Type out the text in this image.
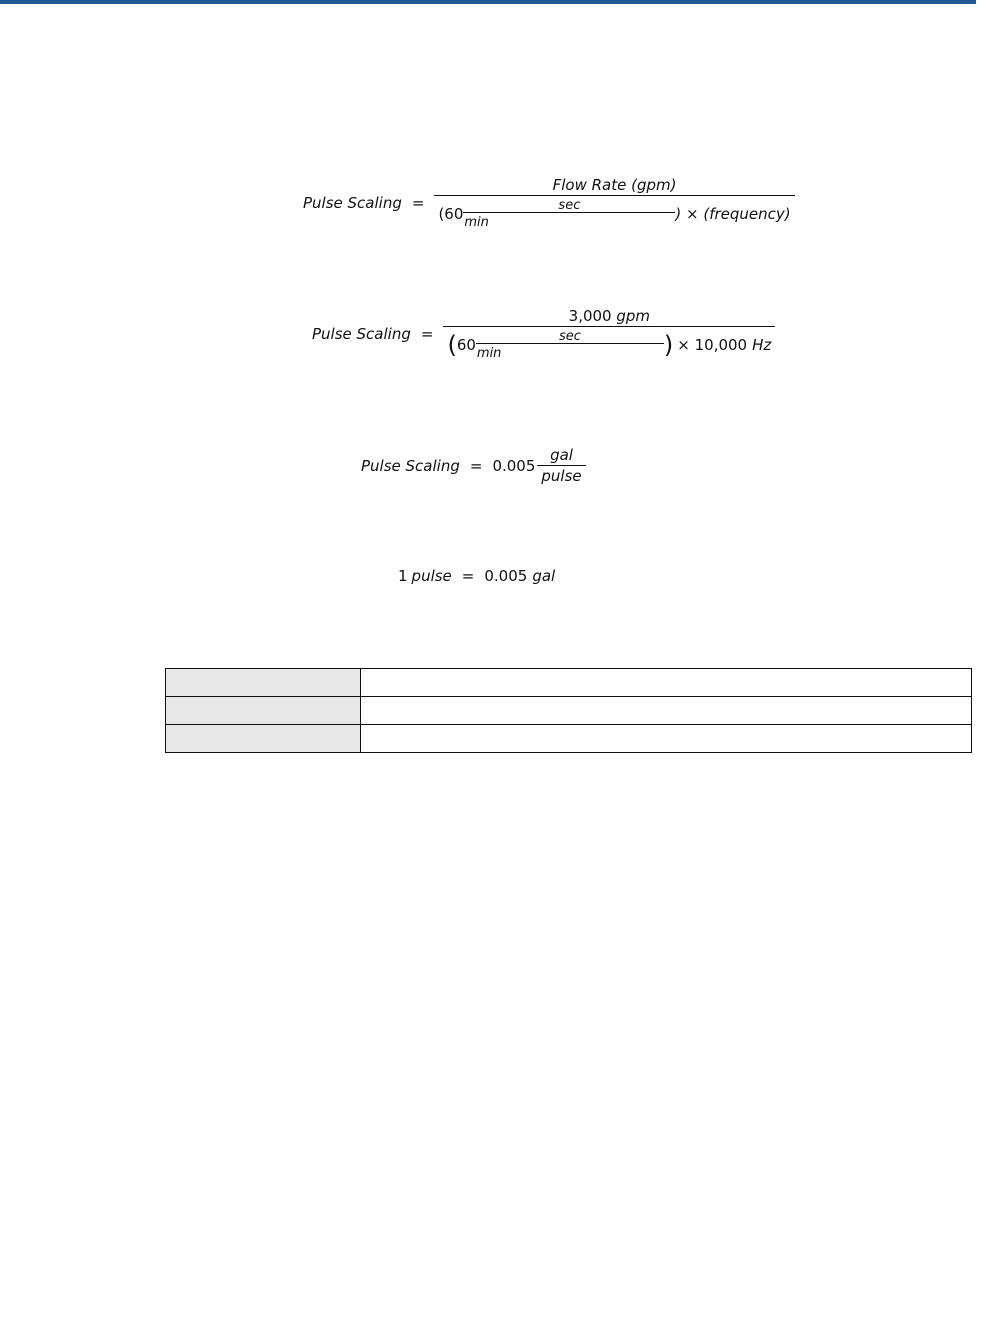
Pulse Scaling =
Flow Rate (gpm)
($60 \frac{\sec}{\min}$ ) × (frequency)
Pulse Scaling =
3,000 gpm
( $60 \frac{\sec}{\min}$ ) × 10,000 Hz
Pulse Scaling = $0.005 \frac{\text{gal}}{\text{pulse}}$
1 pulse = 0.005 gal
